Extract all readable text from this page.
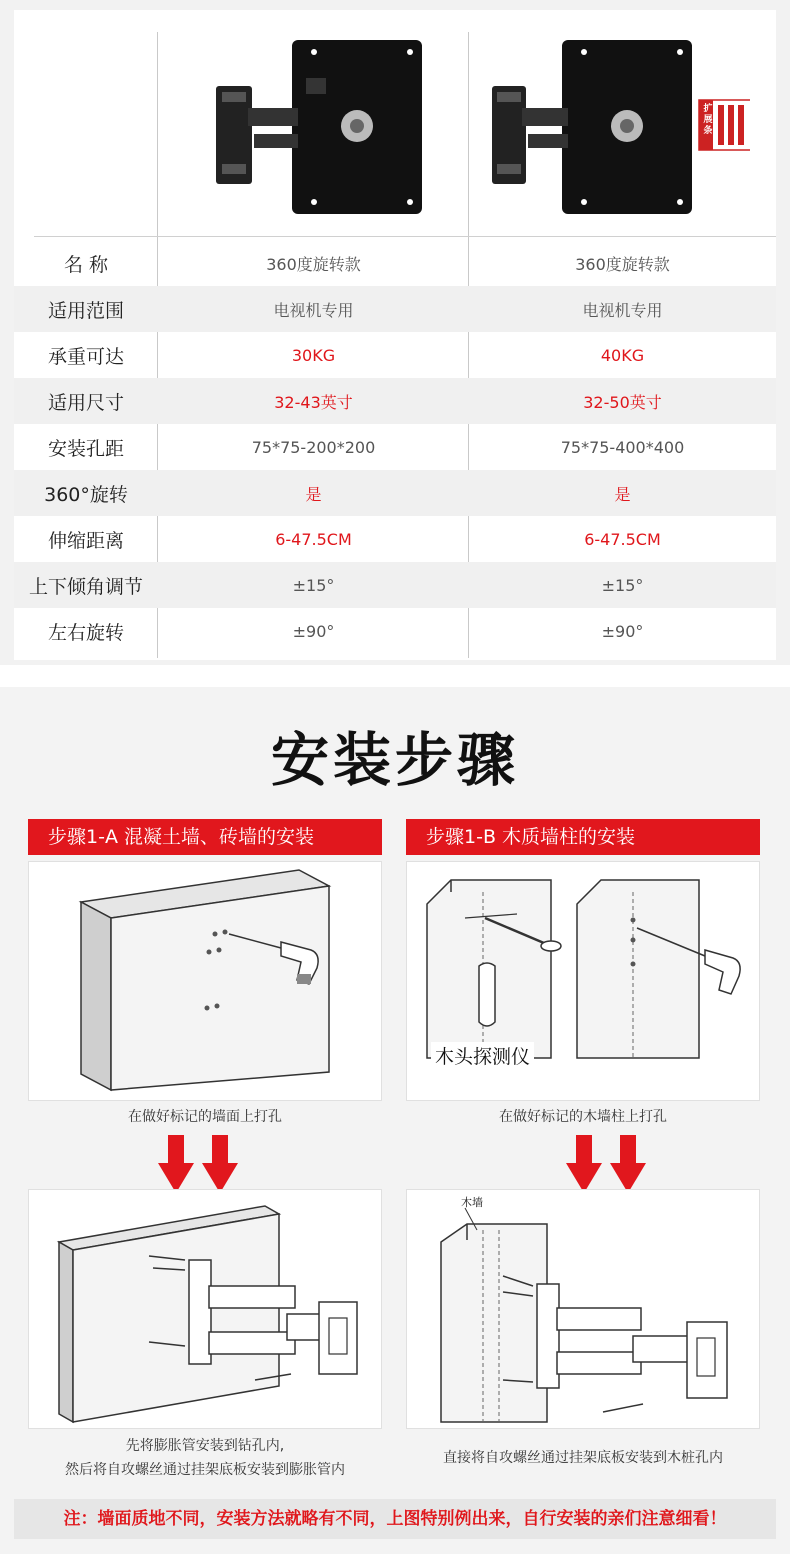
扩展条
名 称	360度旋转款	360度旋转款
适用范围	电视机专用	电视机专用
承重可达	30KG	40KG
适用尺寸	32-43英寸	32-50英寸
安装孔距	75*75-200*200	75*75-400*400
360°旋转	是	是
伸缩距离	6-47.5CM	6-47.5CM
上下倾角调节	±15°	±15°
左右旋转	±90°	±90°
安装步骤
步骤1-A 混凝土墙、砖墙的安装
在做好标记的墙面上打孔
先将膨胀管安装到钻孔内,
然后将自攻螺丝通过挂架底板安装到膨胀管内
步骤1-B 木质墙柱的安装
木头探测仪
在做好标记的木墙柱上打孔
木墙
直接将自攻螺丝通过挂架底板安装到木桩孔内
注：墙面质地不同，安装方法就略有不同，上图特别例出来，自行安装的亲们注意细看！
